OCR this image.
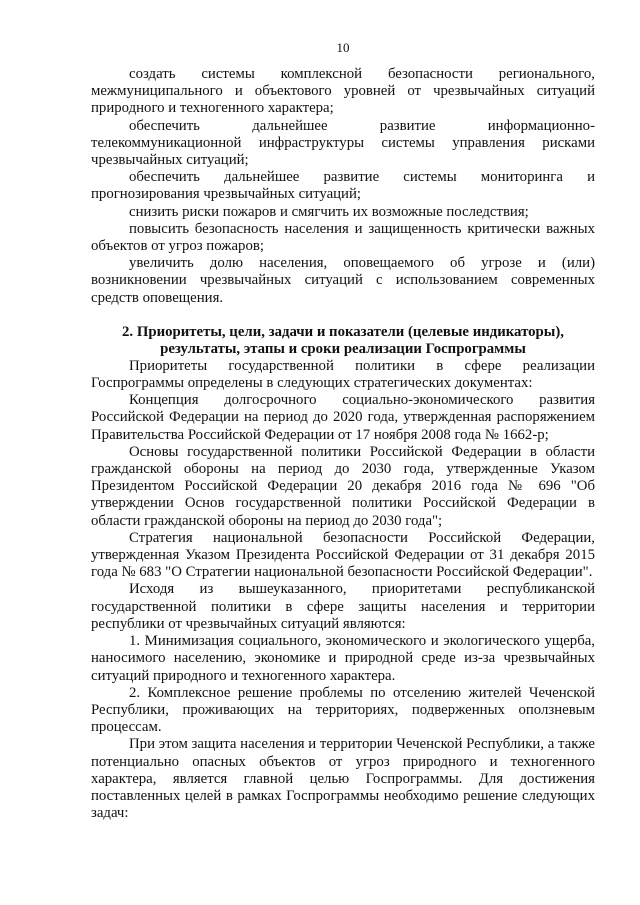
10

создать системы комплексной безопасности регионального, межмуниципального и объектового уровней от чрезвычайных ситуаций природного и техногенного характера;

обеспечить дальнейшее развитие информационно-телекоммуникационной инфраструктуры системы управления рисками чрезвычайных ситуаций;

обеспечить дальнейшее развитие системы мониторинга и прогнозирования чрезвычайных ситуаций;

снизить риски пожаров и смягчить их возможные последствия;

повысить безопасность населения и защищенность критически важных объектов от угроз пожаров;

увеличить долю населения, оповещаемого об угрозе и (или) возникновении чрезвычайных ситуаций с использованием современных средств оповещения.

2. Приоритеты, цели, задачи и показатели (целевые индикаторы),
результаты, этапы и сроки реализации Госпрограммы

Приоритеты государственной политики в сфере реализации Госпрограммы определены в следующих стратегических документах:

Концепция долгосрочного социально-экономического развития Российской Федерации на период до 2020 года, утвержденная распоряжением Правительства Российской Федерации от 17 ноября 2008 года № 1662-р;

Основы государственной политики Российской Федерации в области гражданской обороны на период до 2030 года, утвержденные Указом Президентом Российской Федерации 20 декабря 2016 года № 696 "Об утверждении Основ государственной политики Российской Федерации в области гражданской обороны на период до 2030 года";

Стратегия национальной безопасности Российской Федерации, утвержденная Указом Президента Российской Федерации от 31 декабря 2015 года № 683 "О Стратегии национальной безопасности Российской Федерации".

Исходя из вышеуказанного, приоритетами республиканской государственной политики в сфере защиты населения и территории республики от чрезвычайных ситуаций являются:

1. Минимизация социального, экономического и экологического ущерба, наносимого населению, экономике и природной среде из-за чрезвычайных ситуаций природного и техногенного характера.

2. Комплексное решение проблемы по отселению жителей Чеченской Республики, проживающих на территориях, подверженных оползневым процессам.

При этом защита населения и территории Чеченской Республики, а также потенциально опасных объектов от угроз природного и техногенного характера, является главной целью Госпрограммы. Для достижения поставленных целей в рамках Госпрограммы необходимо решение следующих задач:
